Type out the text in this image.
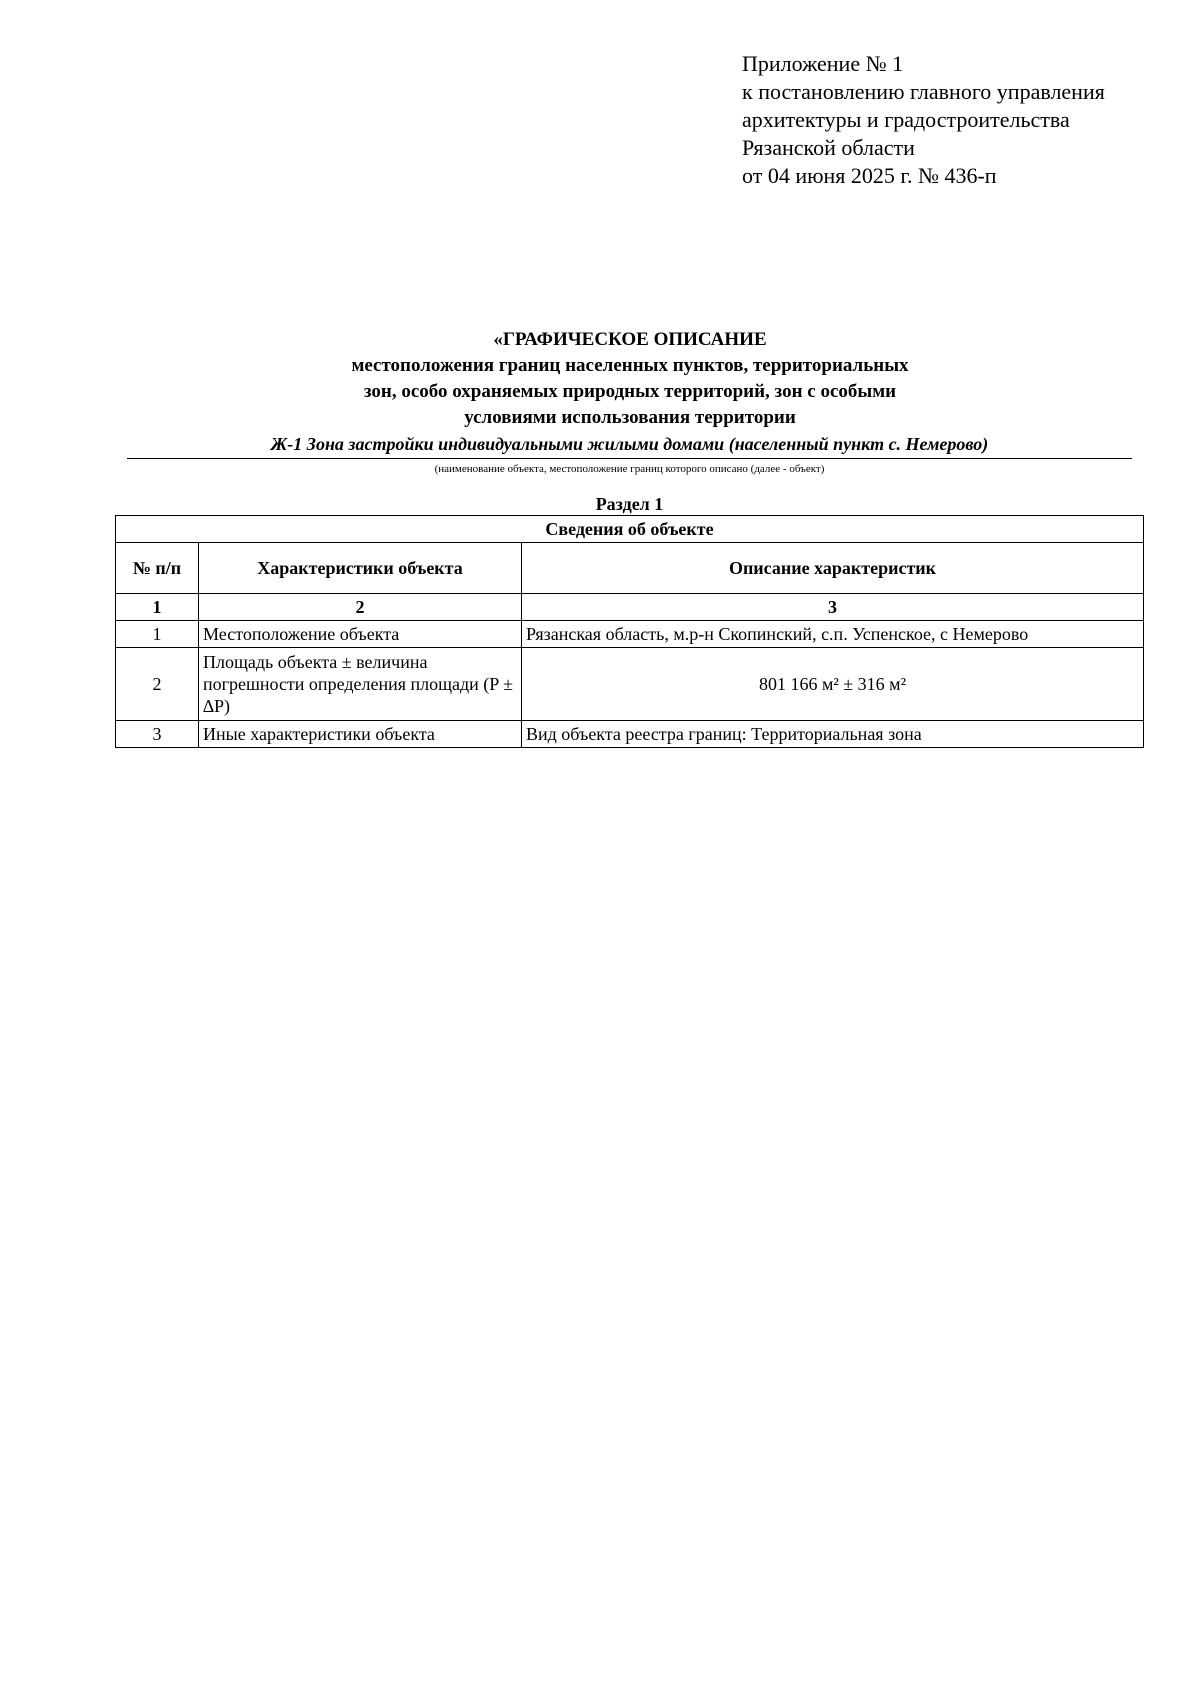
Приложение № 1
к постановлению главного управления
архитектуры и градостроительства
Рязанской области
от 04 июня 2025 г. № 436-п
«ГРАФИЧЕСКОЕ ОПИСАНИЕ
местоположения границ населенных пунктов, территориальных
зон, особо охраняемых природных территорий, зон с особыми
условиями использования территории
Ж-1 Зона застройки индивидуальными жилыми домами (населенный пункт с. Немерово)
(наименование объекта, местоположение границ которого описано (далее - объект)
Раздел 1
Сведения об объекте		
№ п/п	Характеристики объекта	Описание характеристик
1	2	3
1	Местоположение объекта	Рязанская область, м.р-н Скопинский, с.п. Успенское, с Немерово
2	Площадь объекта ± величина погрешности определения площади (P ± ∆P)	801 166 м² ± 316 м²
3	Иные характеристики объекта	Вид объекта реестра границ: Территориальная зона
